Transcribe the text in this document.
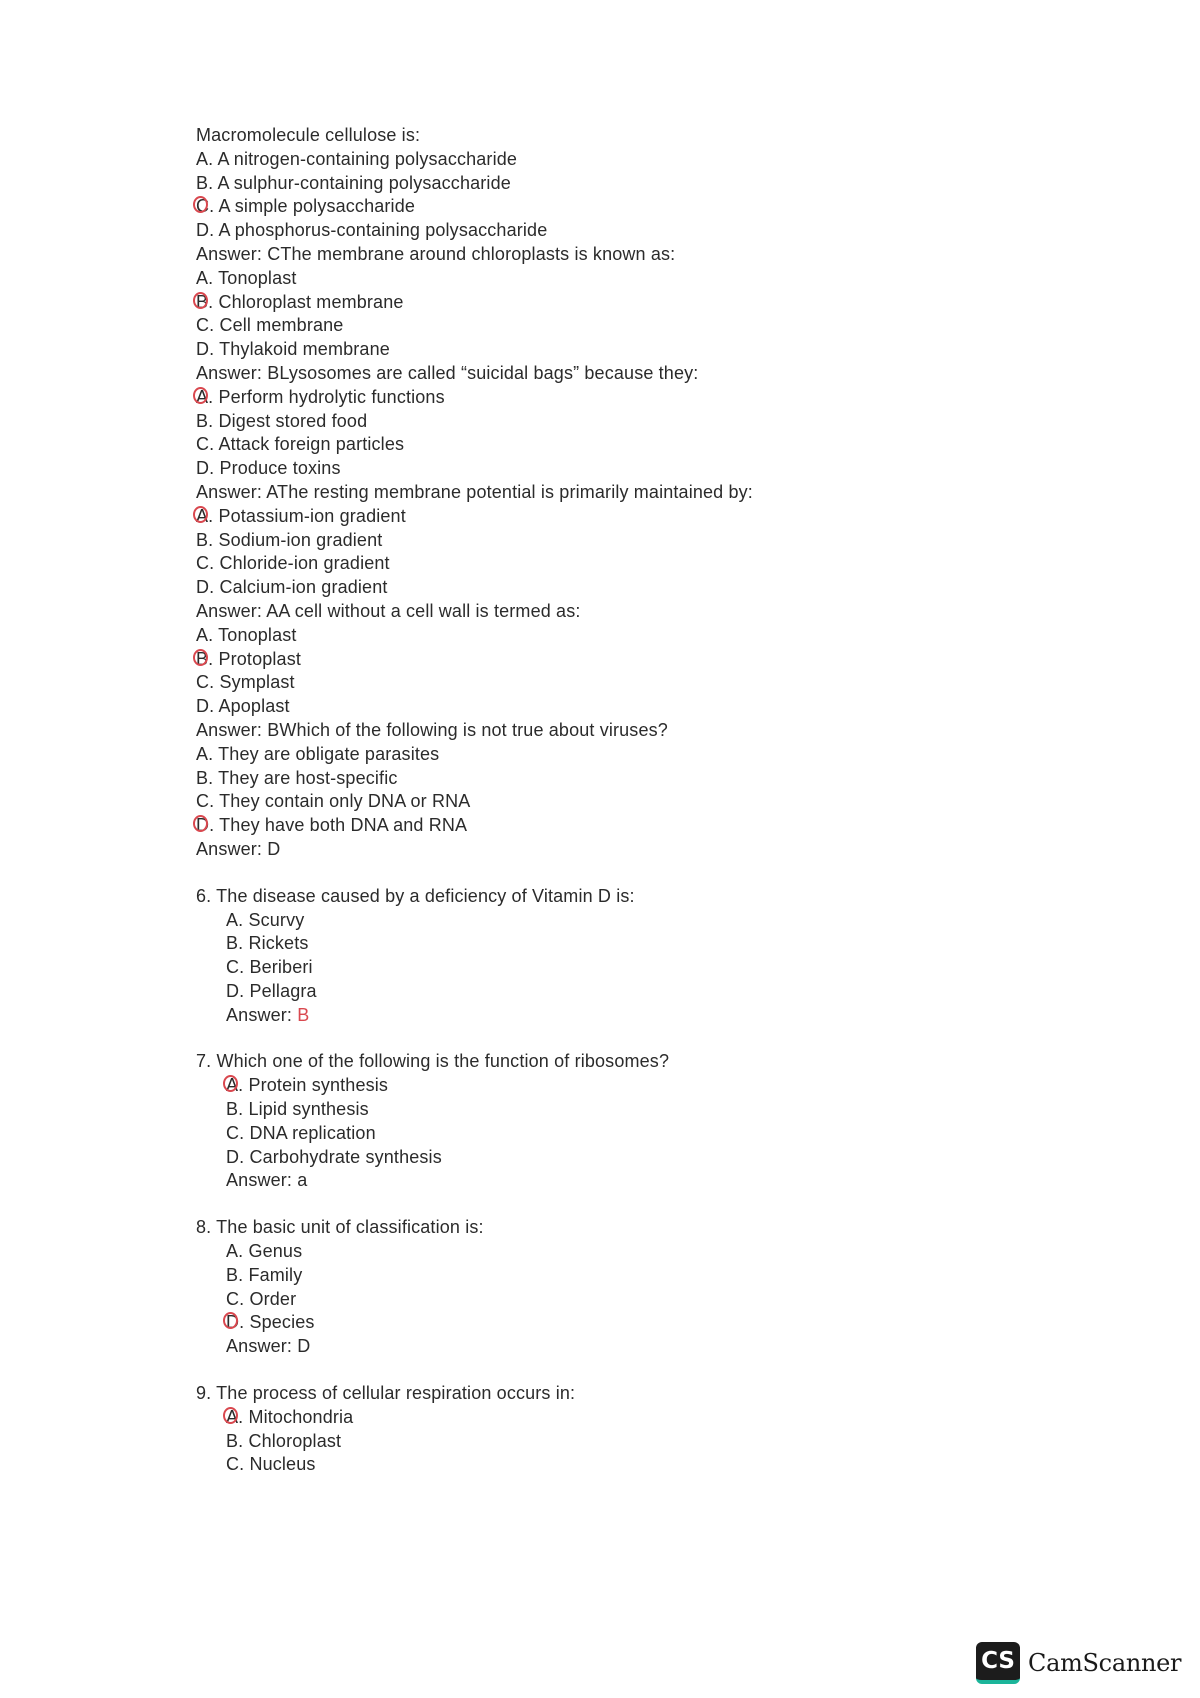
Macromolecule cellulose is:
A. A nitrogen-containing polysaccharide
B. A sulphur-containing polysaccharide
C. A simple polysaccharide
D. A phosphorus-containing polysaccharide
Answer: CThe membrane around chloroplasts is known as:
A. Tonoplast
B. Chloroplast membrane
C. Cell membrane
D. Thylakoid membrane
Answer: BLysosomes are called “suicidal bags” because they:
A. Perform hydrolytic functions
B. Digest stored food
C. Attack foreign particles
D. Produce toxins
Answer: AThe resting membrane potential is primarily maintained by:
A. Potassium-ion gradient
B. Sodium-ion gradient
C. Chloride-ion gradient
D. Calcium-ion gradient
Answer: AA cell without a cell wall is termed as:
A. Tonoplast
B. Protoplast
C. Symplast
D. Apoplast
Answer: BWhich of the following is not true about viruses?
A. They are obligate parasites
B. They are host-specific
C. They contain only DNA or RNA
D. They have both DNA and RNA
Answer: D
6. The disease caused by a deficiency of Vitamin D is:
A. Scurvy
B. Rickets
C. Beriberi
D. Pellagra
Answer: B
7. Which one of the following is the function of ribosomes?
A. Protein synthesis
B. Lipid synthesis
C. DNA replication
D. Carbohydrate synthesis
Answer: a
8. The basic unit of classification is:
A. Genus
B. Family
C. Order
D. Species
Answer: D
9. The process of cellular respiration occurs in:
A. Mitochondria
B. Chloroplast
C. Nucleus
CS CamScanner
